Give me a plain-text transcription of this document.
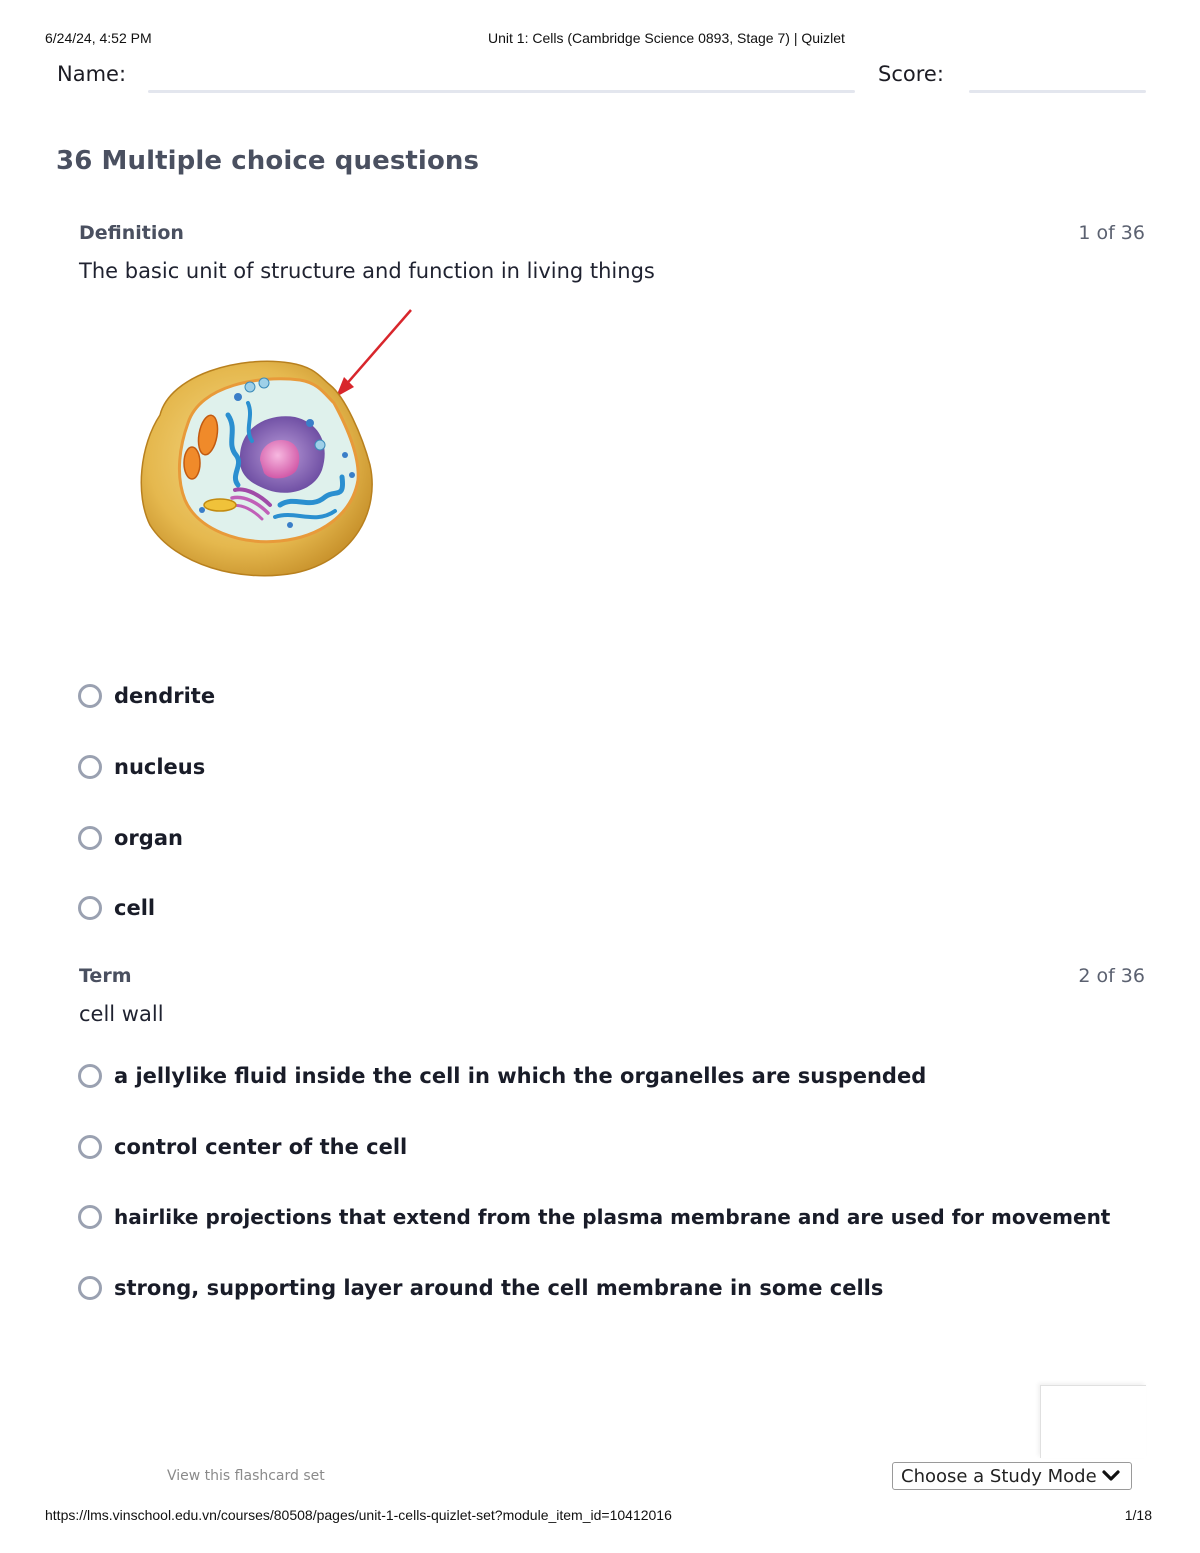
6/24/24, 4:52 PM	Unit 1: Cells (Cambridge Science 0893, Stage 7) | Quizlet
Name:	Score:
36 Multiple choice questions
Definition	1 of 36
The basic unit of structure and function in living things
dendrite
nucleus
organ
cell
Term	2 of 36
cell wall
a jellylike fluid inside the cell in which the organelles are suspended
control center of the cell
hairlike projections that extend from the plasma membrane and are used for movement
strong, supporting layer around the cell membrane in some cells
View this flashcard set	Choose a Study Mode
https://lms.vinschool.edu.vn/courses/80508/pages/unit-1-cells-quizlet-set?module_item_id=10412016	1/18
